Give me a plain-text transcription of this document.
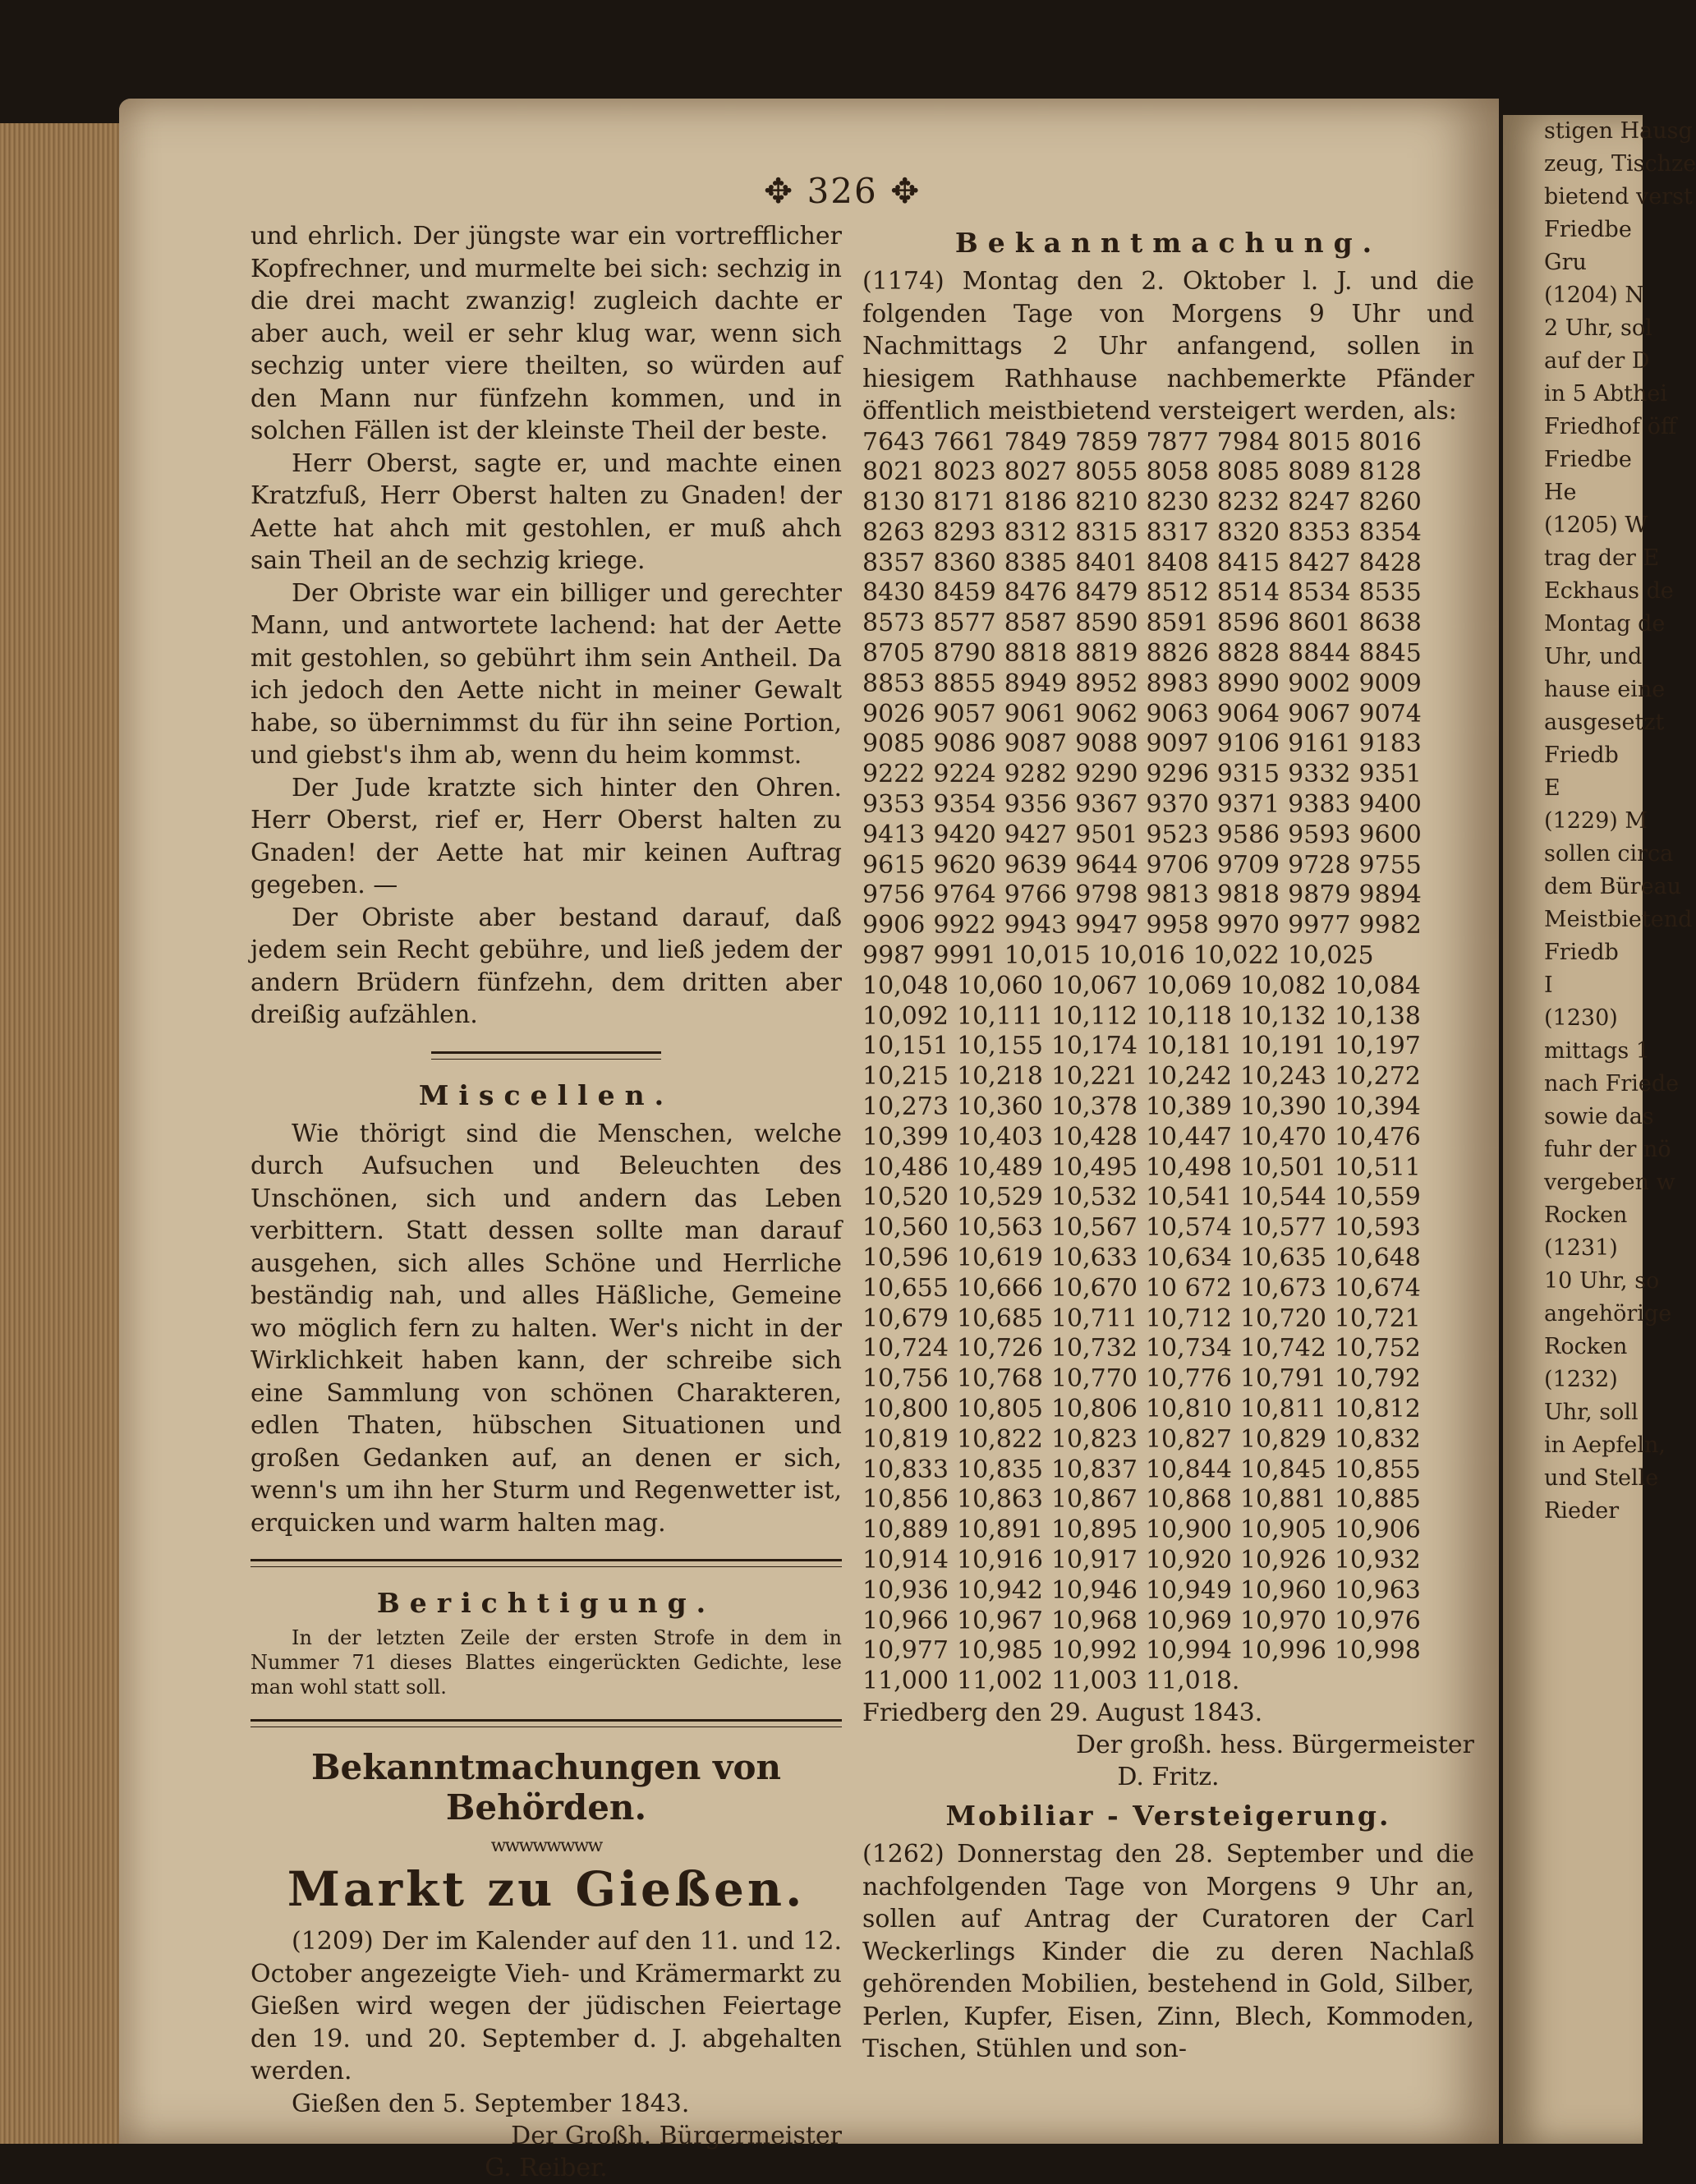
stigen Hausg
zeug, Tischze
bietend verst
Friedbe
Gru
(1204) N
2 Uhr, sol
auf der D
in 5 Abthei
Friedhof öff
Friedbe
He
(1205) W
trag der E
Eckhaus de
Montag de
Uhr, und
hause eine
ausgesetzt
Friedb
E
(1229) M
sollen circa
dem Büreau
Meistbietend
Friedb
I
(1230)
mittags 1
nach Friede
sowie das
fuhr der nö
vergeben w
Rocken
(1231)
10 Uhr, so
angehörige
Rocken
(1232)
Uhr, soll
in Aepfeln,
und Stelle
Rieder
✥ 326 ✥

und ehrlich. Der jüngste war ein vortrefflicher Kopfrechner, und murmelte bei sich: sechzig in die drei macht zwanzig! zugleich dachte er aber auch, weil er sehr klug war, wenn sich sechzig unter viere theilten, so würden auf den Mann nur fünfzehn kommen, und in solchen Fällen ist der kleinste Theil der beste.

Herr Oberst, sagte er, und machte einen Kratzfuß, Herr Oberst halten zu Gnaden! der Aette hat ahch mit gestohlen, er muß ahch sain Theil an de sechzig kriege.

Der Obriste war ein billiger und gerechter Mann, und antwortete lachend: hat der Aette mit gestohlen, so gebührt ihm sein Antheil. Da ich jedoch den Aette nicht in meiner Gewalt habe, so übernimmst du für ihn seine Portion, und giebst's ihm ab, wenn du heim kommst.

Der Jude kratzte sich hinter den Ohren. Herr Oberst, rief er, Herr Oberst halten zu Gnaden! der Aette hat mir keinen Auftrag gegeben. —

Der Obriste aber bestand darauf, daß jedem sein Recht gebühre, und ließ jedem der andern Brüdern fünfzehn, dem dritten aber dreißig aufzählen.

Miscellen.

Wie thörigt sind die Menschen, welche durch Aufsuchen und Beleuchten des Unschönen, sich und andern das Leben verbittern. Statt dessen sollte man darauf ausgehen, sich alles Schöne und Herrliche beständig nah, und alles Häßliche, Gemeine wo möglich fern zu halten. Wer's nicht in der Wirklichkeit haben kann, der schreibe sich eine Sammlung von schönen Charakteren, edlen Thaten, hübschen Situationen und großen Gedanken auf, an denen er sich, wenn's um ihn her Sturm und Regenwetter ist, erquicken und warm halten mag.

Berichtigung.

In der letzten Zeile der ersten Strofe in dem in Nummer 71 dieses Blattes eingerückten Gedichte, lese man wohl statt soll.

Bekanntmachungen von Behörden.
wwwwwwww
Markt zu Gießen.

(1209) Der im Kalender auf den 11. und 12. October angezeigte Vieh- und Krämermarkt zu Gießen wird wegen der jüdischen Feiertage den 19. und 20. September d. J. abgehalten werden.

Gießen den 5. September 1843.

Der Großh. Bürgermeister
G. Reiber.
Bekanntmachung.

(1174) Montag den 2. Oktober l. J. und die folgenden Tage von Morgens 9 Uhr und Nachmittags 2 Uhr anfangend, sollen in hiesigem Rathhause nachbemerkte Pfänder öffentlich meistbietend versteigert werden, als:

7643 7661 7849 7859 7877 7984 8015 80168021 8023 8027 8055 8058 8085 8089 81288130 8171 8186 8210 8230 8232 8247 82608263 8293 8312 8315 8317 8320 8353 83548357 8360 8385 8401 8408 8415 8427 84288430 8459 8476 8479 8512 8514 8534 85358573 8577 8587 8590 8591 8596 8601 86388705 8790 8818 8819 8826 8828 8844 88458853 8855 8949 8952 8983 8990 9002 90099026 9057 9061 9062 9063 9064 9067 90749085 9086 9087 9088 9097 9106 9161 91839222 9224 9282 9290 9296 9315 9332 93519353 9354 9356 9367 9370 9371 9383 94009413 9420 9427 9501 9523 9586 9593 96009615 9620 9639 9644 9706 9709 9728 97559756 9764 9766 9798 9813 9818 9879 98949906 9922 9943 9947 9958 9970 9977 99829987 9991 10,015 10,016 10,022 10,02510,048 10,060 10,067 10,069 10,082 10,08410,092 10,111 10,112 10,118 10,132 10,13810,151 10,155 10,174 10,181 10,191 10,19710,215 10,218 10,221 10,242 10,243 10,27210,273 10,360 10,378 10,389 10,390 10,39410,399 10,403 10,428 10,447 10,470 10,47610,486 10,489 10,495 10,498 10,501 10,51110,520 10,529 10,532 10,541 10,544 10,55910,560 10,563 10,567 10,574 10,577 10,59310,596 10,619 10,633 10,634 10,635 10,64810,655 10,666 10,670 10 672 10,673 10,67410,679 10,685 10,711 10,712 10,720 10,72110,724 10,726 10,732 10,734 10,742 10,75210,756 10,768 10,770 10,776 10,791 10,79210,800 10,805 10,806 10,810 10,811 10,81210,819 10,822 10,823 10,827 10,829 10,83210,833 10,835 10,837 10,844 10,845 10,85510,856 10,863 10,867 10,868 10,881 10,88510,889 10,891 10,895 10,900 10,905 10,90610,914 10,916 10,917 10,920 10,926 10,93210,936 10,942 10,946 10,949 10,960 10,96310,966 10,967 10,968 10,969 10,970 10,97610,977 10,985 10,992 10,994 10,996 10,99811,000 11,002 11,003 11,018.

Friedberg den 29. August 1843.

Der großh. hess. Bürgermeister
D. Fritz.
Mobiliar - Versteigerung.

(1262) Donnerstag den 28. September und die nachfolgenden Tage von Morgens 9 Uhr an, sollen auf Antrag der Curatoren der Carl Weckerlings Kinder die zu deren Nachlaß gehörenden Mobilien, bestehend in Gold, Silber, Perlen, Kupfer, Eisen, Zinn, Blech, Kommoden, Tischen, Stühlen und son-
